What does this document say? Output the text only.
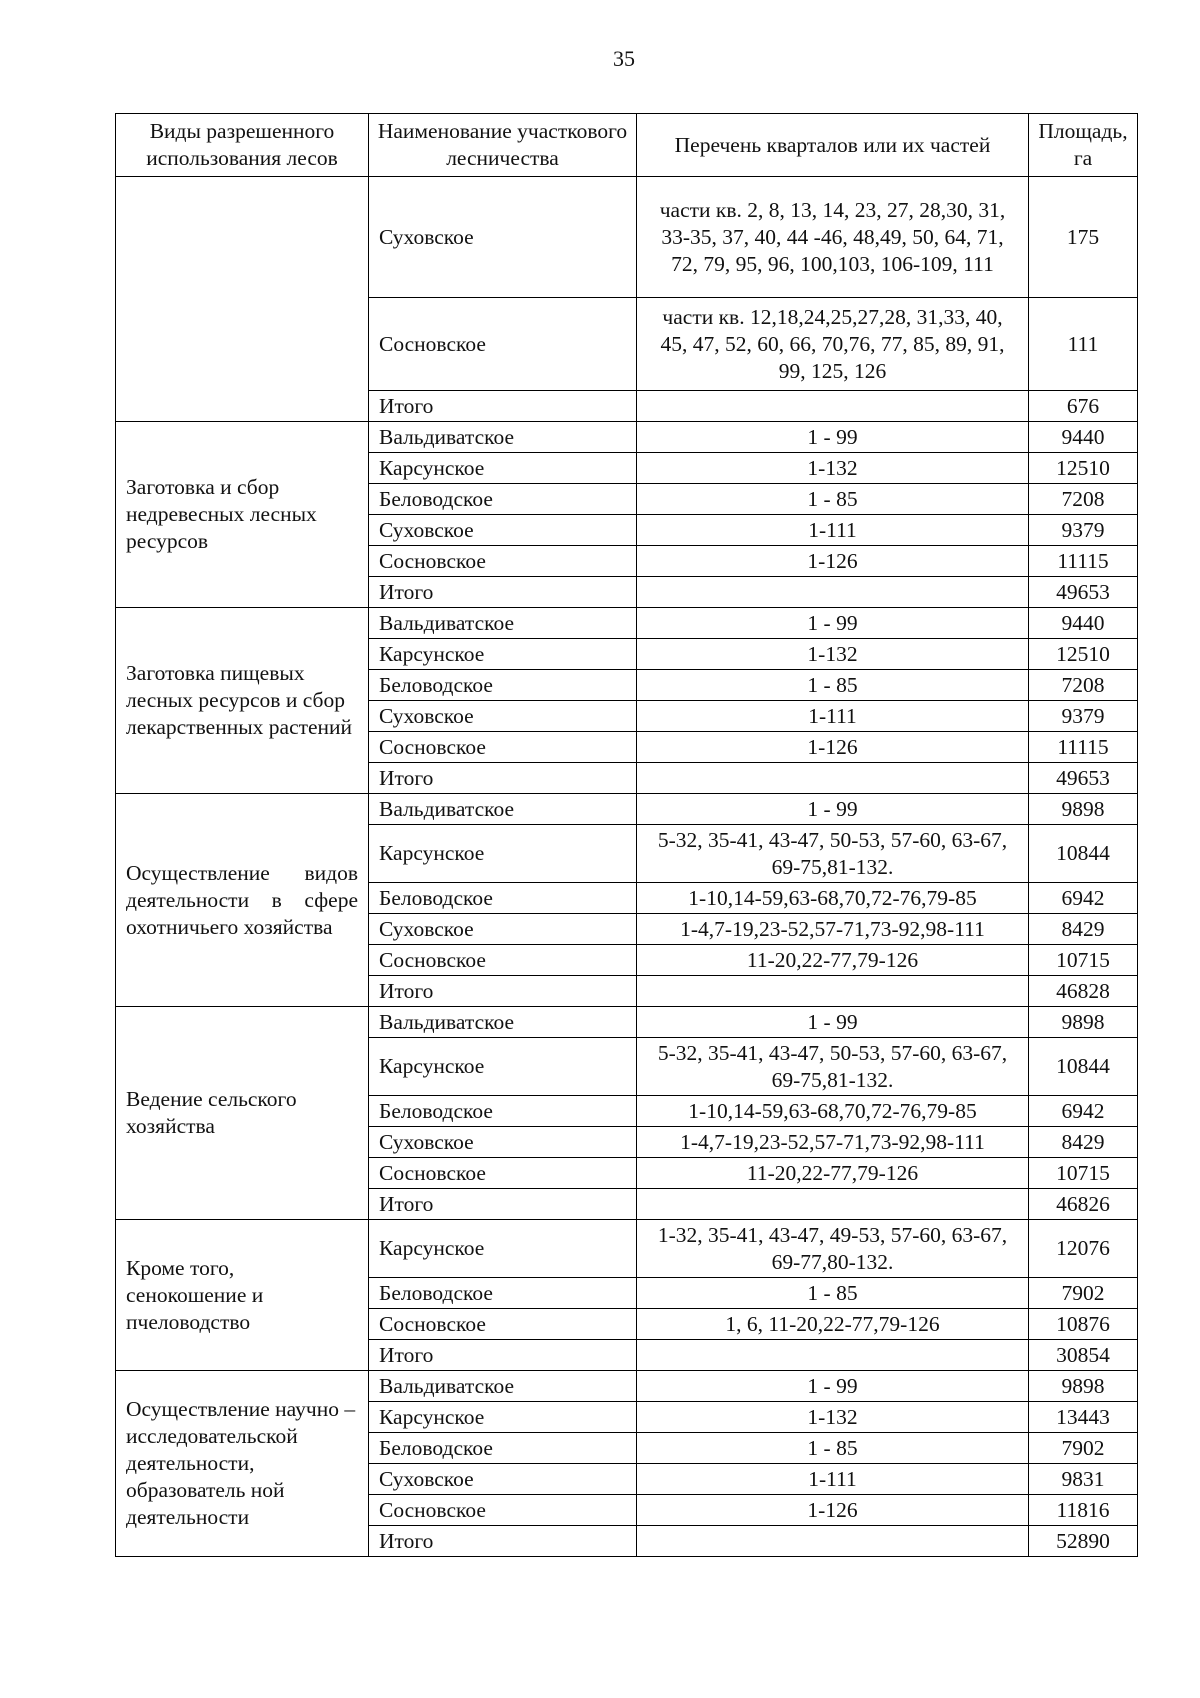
35
Виды разрешенного использования лесов	Наименование участкового лесничества	Перечень кварталов или их частей	Площадь, га
	Суховское	части кв. 2, 8, 13, 14, 23, 27, 28,30, 31, 33-35, 37, 40, 44 -46, 48,49, 50, 64, 71, 72, 79, 95, 96, 100,103, 106-109, 111	175
	Сосновское	части кв. 12,18,24,25,27,28, 31,33, 40, 45, 47, 52, 60, 66, 70,76, 77, 85, 89, 91, 99, 125, 126	111
	Итого		676
Заготовка и сбор недревесных лесных ресурсов	Вальдиватское	1 - 99	9440
	Карсунское	1-132	12510
	Беловодское	1 - 85	7208
	Суховское	1-111	9379
	Сосновское	1-126	11115
	Итого		49653
Заготовка пищевых лесных ресурсов и сбор лекарственных растений	Вальдиватское	1 - 99	9440
	Карсунское	1-132	12510
	Беловодское	1 - 85	7208
	Суховское	1-111	9379
	Сосновское	1-126	11115
	Итого		49653
Осуществление видов деятельности в сфере охотничьего хозяйства	Вальдиватское	1 - 99	9898
	Карсунское	5-32, 35-41, 43-47, 50-53, 57-60, 63-67, 69-75,81-132.	10844
	Беловодское	1-10,14-59,63-68,70,72-76,79-85	6942
	Суховское	1-4,7-19,23-52,57-71,73-92,98-111	8429
	Сосновское	11-20,22-77,79-126	10715
	Итого		46828
Ведение сельского хозяйства	Вальдиватское	1 - 99	9898
	Карсунское	5-32, 35-41, 43-47, 50-53, 57-60, 63-67, 69-75,81-132.	10844
	Беловодское	1-10,14-59,63-68,70,72-76,79-85	6942
	Суховское	1-4,7-19,23-52,57-71,73-92,98-111	8429
	Сосновское	11-20,22-77,79-126	10715
	Итого		46826
Кроме того, сенокошение и пчеловодство	Карсунское	1-32, 35-41, 43-47, 49-53, 57-60, 63-67, 69-77,80-132.	12076
	Беловодское	1 - 85	7902
	Сосновское	1, 6, 11-20,22-77,79-126	10876
	Итого		30854
Осуществление научно – исследовательской деятельности, образователь ной деятельности	Вальдиватское	1 - 99	9898
	Карсунское	1-132	13443
	Беловодское	1 - 85	7902
	Суховское	1-111	9831
	Сосновское	1-126	11816
	Итого		52890
